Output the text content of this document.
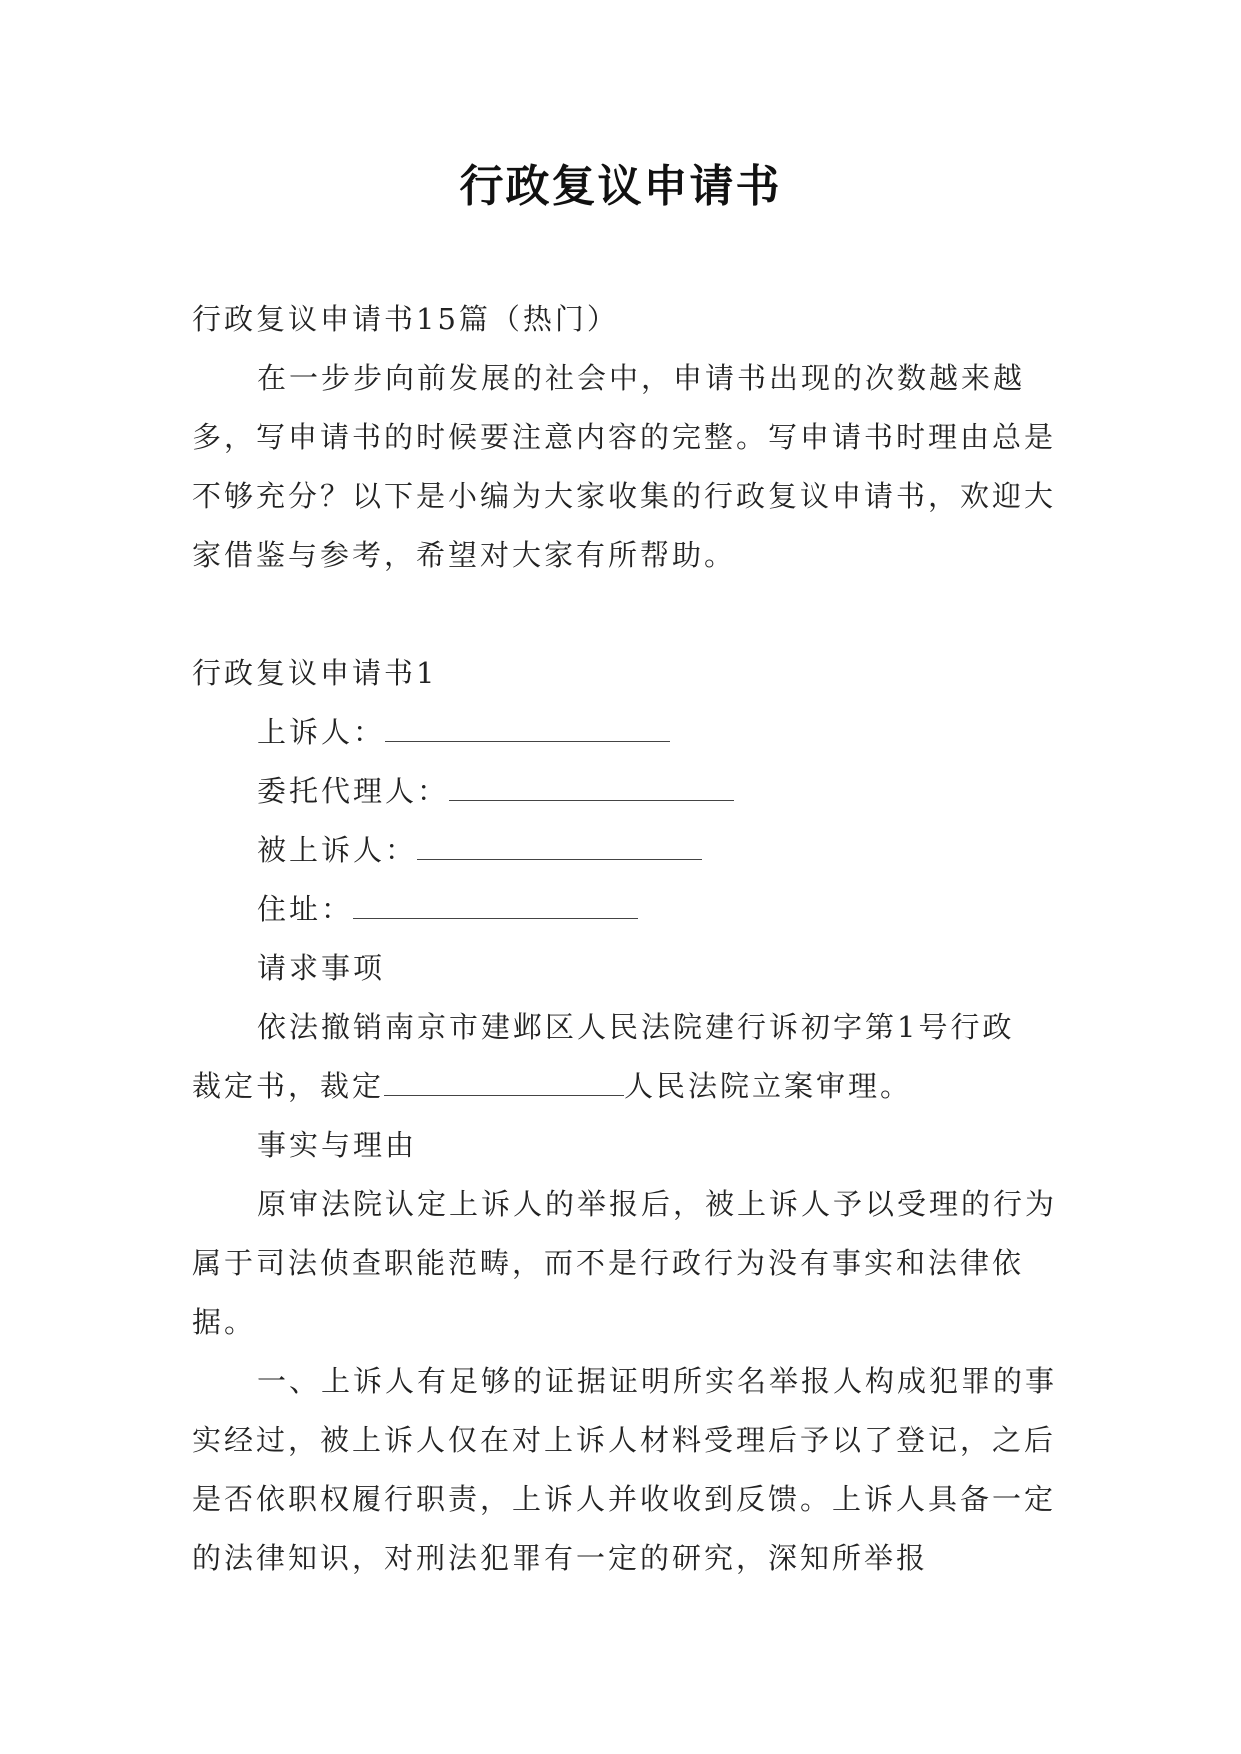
行政复议申请书

行政复议申请书15篇（热门）

在一步步向前发展的社会中，申请书出现的次数越来越多，写申请书的时候要注意内容的完整。写申请书时理由总是不够充分？以下是小编为大家收集的行政复议申请书，欢迎大家借鉴与参考，希望对大家有所帮助。

行政复议申请书1

上诉人：

委托代理人：

被上诉人：

住址：

请求事项

依法撤销南京市建邺区人民法院建行诉初字第1号行政
裁定书，裁定	人民法院立案审理。

事实与理由

原审法院认定上诉人的举报后，被上诉人予以受理的行为属于司法侦查职能范畴，而不是行政行为没有事实和法律依据。

一、上诉人有足够的证据证明所实名举报人构成犯罪的事实经过，被上诉人仅在对上诉人材料受理后予以了登记，之后是否依职权履行职责，上诉人并收收到反馈。上诉人具备一定的法律知识，对刑法犯罪有一定的研究，深知所举报
